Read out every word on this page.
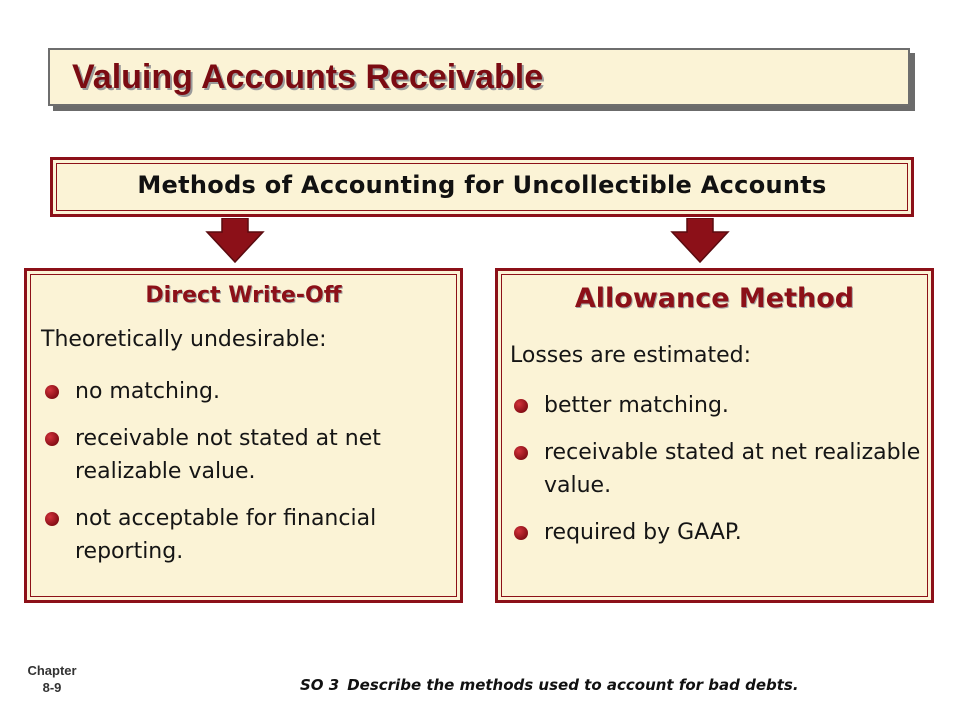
Valuing Accounts Receivable
Methods of Accounting for Uncollectible Accounts
Direct Write-Off
Theoretically undesirable:
no matching.
receivable not stated at net realizable value.
not acceptable for financial reporting.
Allowance Method
Losses are estimated:
better matching.
receivable stated at net realizable value.
required by GAAP.
Chapter
8-9	SO 3 Describe the methods used to account for bad debts.
